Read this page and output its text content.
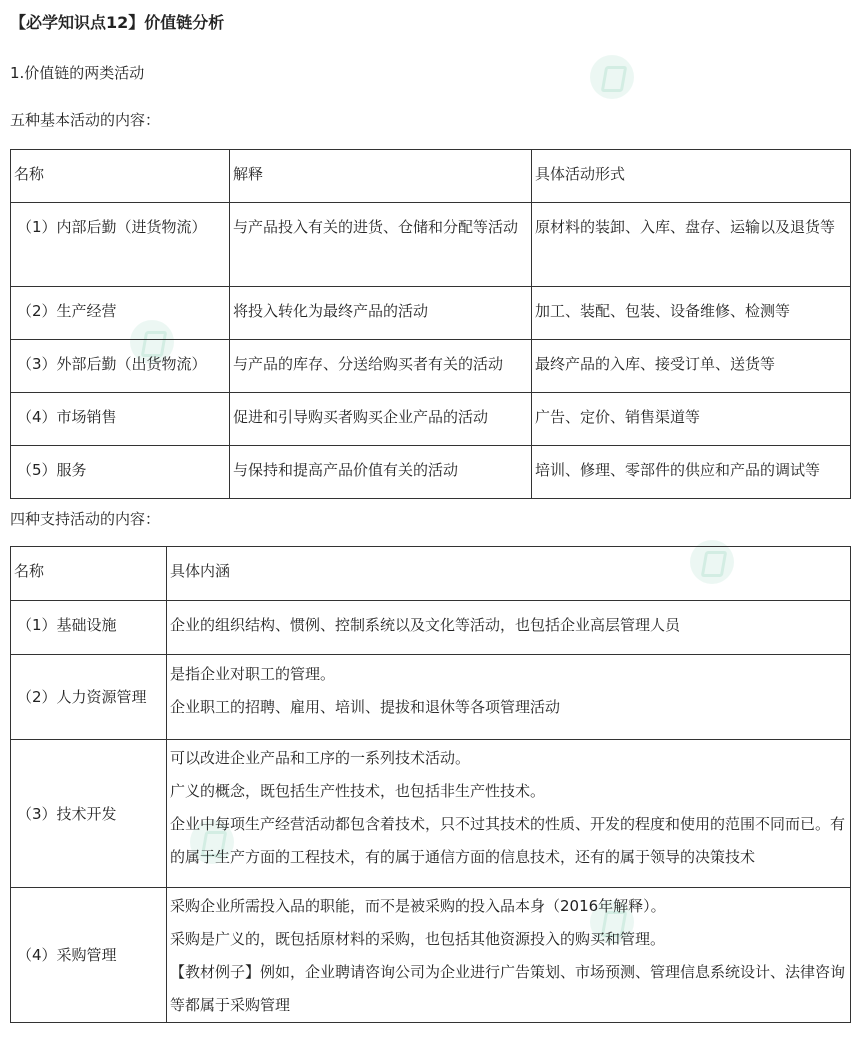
【必学知识点12】价值链分析
1.价值链的两类活动
五种基本活动的内容：
名称	解释	具体活动形式
（1）内部后勤（进货物流）	与产品投入有关的进货、仓储和分配等活动	原材料的装卸、入库、盘存、运输以及退货等
（2）生产经营	将投入转化为最终产品的活动	加工、装配、包装、设备维修、检测等
（3）外部后勤（出货物流）	与产品的库存、分送给购买者有关的活动	最终产品的入库、接受订单、送货等
（4）市场销售	促进和引导购买者购买企业产品的活动	广告、定价、销售渠道等
（5）服务	与保持和提高产品价值有关的活动	培训、修理、零部件的供应和产品的调试等
四种支持活动的内容：
名称	具体内涵
（1）基础设施	企业的组织结构、惯例、控制系统以及文化等活动，也包括企业高层管理人员

（2）人力资源管理	是指企业对职工的管理。
企业职工的招聘、雇用、培训、提拔和退休等各项管理活动

（3）技术开发	可以改进企业产品和工序的一系列技术活动。
广义的概念，既包括生产性技术，也包括非生产性技术。
企业中每项生产经营活动都包含着技术，只不过其技术的性质、开发的程度和使用的范围不同而已。有的属于生产方面的工程技术，有的属于通信方面的信息技术，还有的属于领导的决策技术

（4）采购管理	采购企业所需投入品的职能，而不是被采购的投入品本身（2016年解释）。
采购是广义的，既包括原材料的采购，也包括其他资源投入的购买和管理。
【教材例子】例如，企业聘请咨询公司为企业进行广告策划、市场预测、管理信息系统设计、法律咨询等都属于采购管理
